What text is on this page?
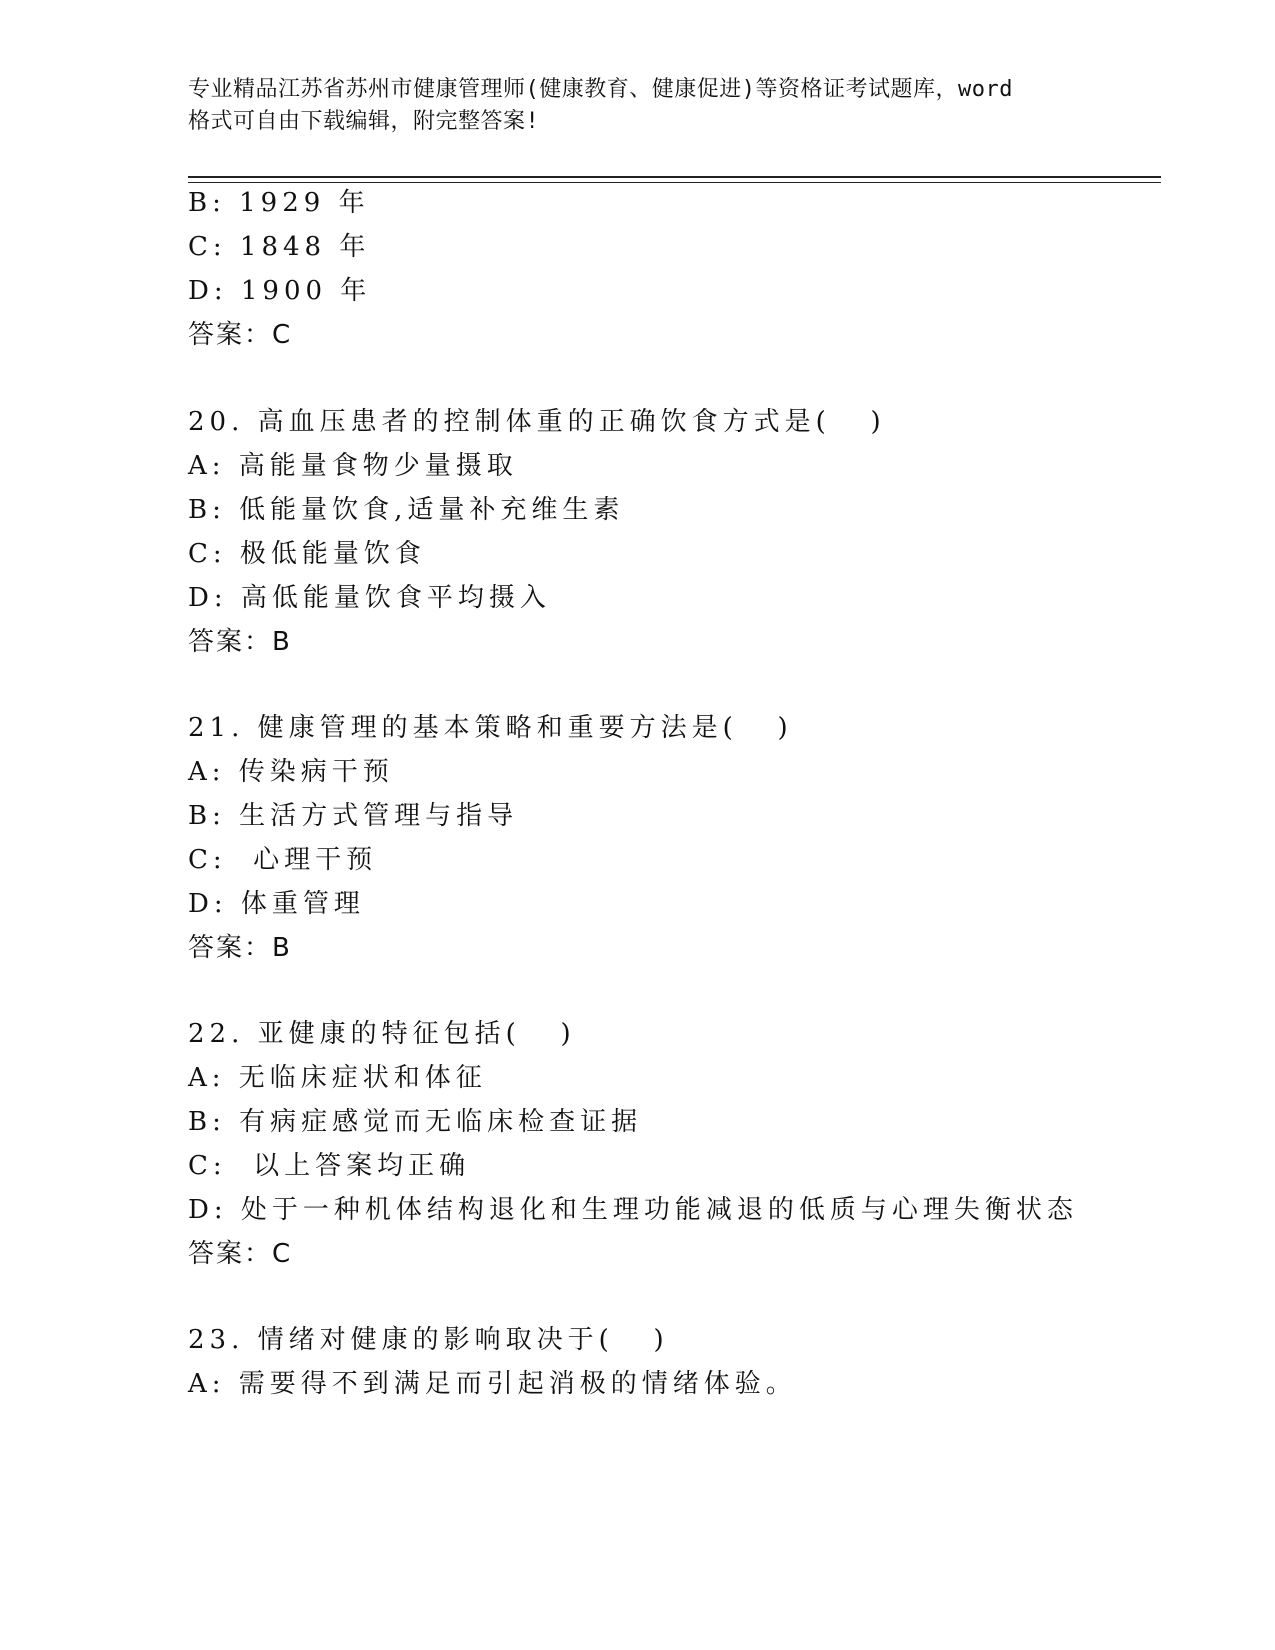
专业精品江苏省苏州市健康管理师(健康教育、健康促进)等资格证考试题库，word
格式可自由下载编辑，附完整答案!
B: 1929 年
C: 1848 年
D: 1900 年
答案：C
20. 高血压患者的控制体重的正确饮食方式是(   )
A: 高能量食物少量摄取
B: 低能量饮食,适量补充维生素
C: 极低能量饮食
D: 高低能量饮食平均摄入
答案：B
21. 健康管理的基本策略和重要方法是(   )
A: 传染病干预
B: 生活方式管理与指导
C:  心理干预
D: 体重管理
答案：B
22. 亚健康的特征包括(   )
A: 无临床症状和体征
B: 有病症感觉而无临床检查证据
C:  以上答案均正确
D: 处于一种机体结构退化和生理功能减退的低质与心理失衡状态
答案：C
23. 情绪对健康的影响取决于(   )
A: 需要得不到满足而引起消极的情绪体验。
